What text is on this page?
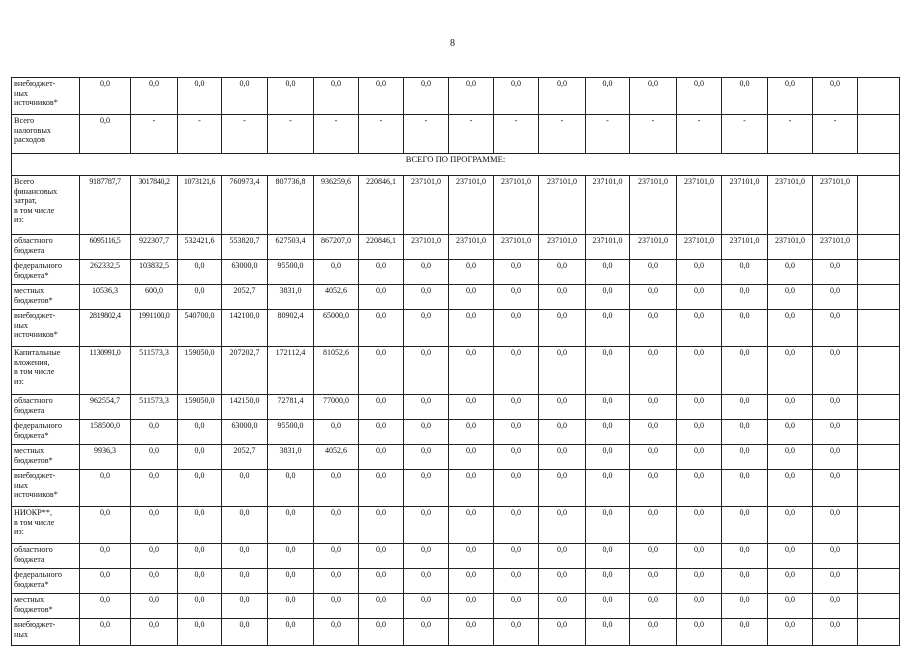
8
внебюджет-
ных
источников*	0,0	0,0	0,0	0,0	0,0	0,0	0,0	0,0	0,0	0,0	0,0	0,0	0,0	0,0	0,0	0,0	0,0	

Всего
налоговых
расходов	0,0	-	-	-	-	-	-	-	-	-	-	-	-	-	-	-	-	
ВСЕГО ПО ПРОГРАММЕ:																		

Всего
финансовых
затрат,
в том числе
из:	9187787,7	3017840,2	1073121,6	760973,4	807736,8	936259,6	220846,1	237101,0	237101,0	237101,0	237101,0	237101,0	237101,0	237101,0	237101,0	237101,0	237101,0	

областного
бюджета	6095116,5	922307,7	532421,6	553820,7	627503,4	867207,0	220846,1	237101,0	237101,0	237101,0	237101,0	237101,0	237101,0	237101,0	237101,0	237101,0	237101,0	

федерального
бюджета*	262332,5	103832,5	0,0	63000,0	95500,0	0,0	0,0	0,0	0,0	0,0	0,0	0,0	0,0	0,0	0,0	0,0	0,0	

местных
бюджетов*	10536,3	600,0	0,0	2052,7	3831,0	4052,6	0,0	0,0	0,0	0,0	0,0	0,0	0,0	0,0	0,0	0,0	0,0	

внебюджет-
ных
источников*	2819802,4	1991100,0	540700,0	142100,0	80902,4	65000,0	0,0	0,0	0,0	0,0	0,0	0,0	0,0	0,0	0,0	0,0	0,0	

Капитальные
вложения,
в том числе
из:	1130991,0	511573,3	159050,0	207202,7	172112,4	81052,6	0,0	0,0	0,0	0,0	0,0	0,0	0,0	0,0	0,0	0,0	0,0	

областного
бюджета	962554,7	511573,3	159050,0	142150,0	72781,4	77000,0	0,0	0,0	0,0	0,0	0,0	0,0	0,0	0,0	0,0	0,0	0,0	

федерального
бюджета*	158500,0	0,0	0,0	63000,0	95500,0	0,0	0,0	0,0	0,0	0,0	0,0	0,0	0,0	0,0	0,0	0,0	0,0	

местных
бюджетов*	9936,3	0,0	0,0	2052,7	3831,0	4052,6	0,0	0,0	0,0	0,0	0,0	0,0	0,0	0,0	0,0	0,0	0,0	

внебюджет-
ных
источников*	0,0	0,0	0,0	0,0	0,0	0,0	0,0	0,0	0,0	0,0	0,0	0,0	0,0	0,0	0,0	0,0	0,0	

НИОКР**,
в том числе
из:	0,0	0,0	0,0	0,0	0,0	0,0	0,0	0,0	0,0	0,0	0,0	0,0	0,0	0,0	0,0	0,0	0,0	

областного
бюджета	0,0	0,0	0,0	0,0	0,0	0,0	0,0	0,0	0,0	0,0	0,0	0,0	0,0	0,0	0,0	0,0	0,0	

федерального
бюджета*	0,0	0,0	0,0	0,0	0,0	0,0	0,0	0,0	0,0	0,0	0,0	0,0	0,0	0,0	0,0	0,0	0,0	

местных
бюджетов*	0,0	0,0	0,0	0,0	0,0	0,0	0,0	0,0	0,0	0,0	0,0	0,0	0,0	0,0	0,0	0,0	0,0	

внебюджет-
ных	0,0	0,0	0,0	0,0	0,0	0,0	0,0	0,0	0,0	0,0	0,0	0,0	0,0	0,0	0,0	0,0	0,0	
